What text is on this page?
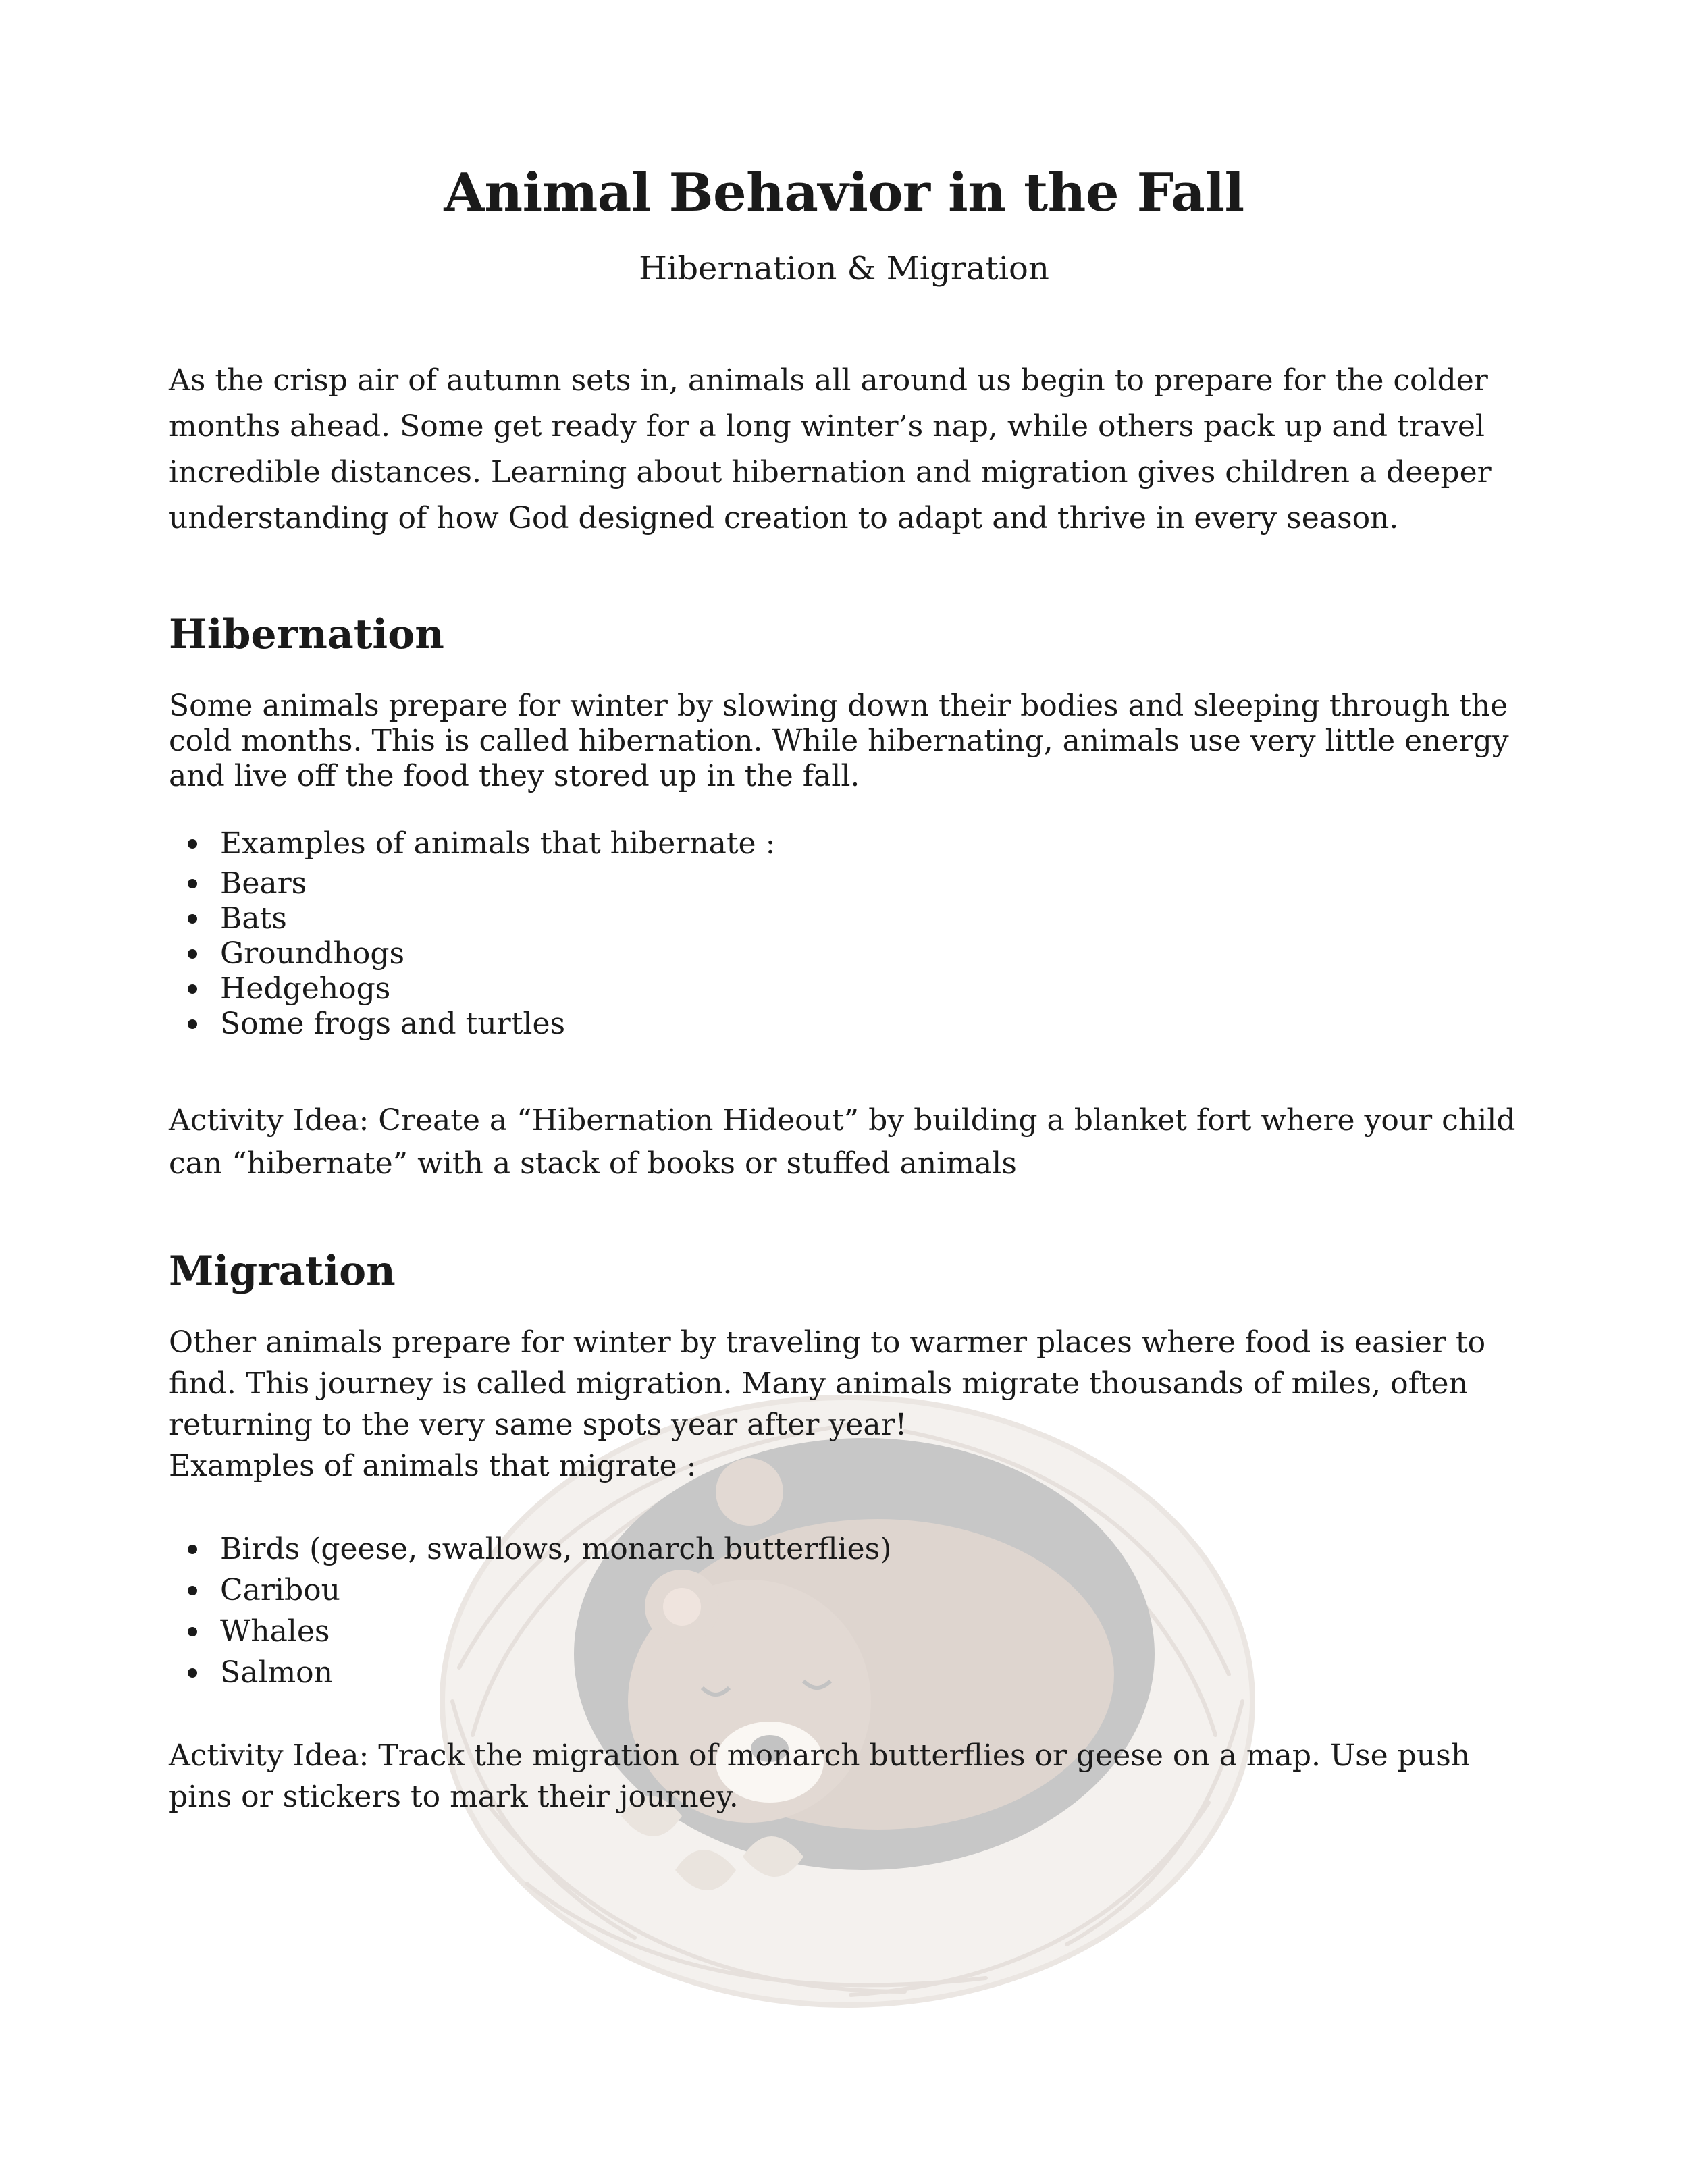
Animal Behavior in the Fall
Hibernation & Migration
As the crisp air of autumn sets in, animals all around us begin to prepare for the colder months ahead. Some get ready for a long winter’s nap, while others pack up and travel incredible distances. Learning about hibernation and migration gives children a deeper understanding of how God designed creation to adapt and thrive in every season.
Hibernation
Some animals prepare for winter by slowing down their bodies and sleeping through the cold months. This is called hibernation. While hibernating, animals use very little energy and live off the food they stored up in the fall.
Examples of animals that hibernate :
Bears
Bats
Groundhogs
Hedgehogs
Some frogs and turtles
Activity Idea: Create a “Hibernation Hideout” by building a blanket fort where your child can “hibernate” with a stack of books or stuffed animals
Migration
Other animals prepare for winter by traveling to warmer places where food is easier to find. This journey is called migration. Many animals migrate thousands of miles, often returning to the very same spots year after year!
Examples of animals that migrate :
Birds (geese, swallows, monarch butterflies)
Caribou
Whales
Salmon
Activity Idea: Track the migration of monarch butterflies or geese on a map. Use push pins or stickers to mark their journey.
